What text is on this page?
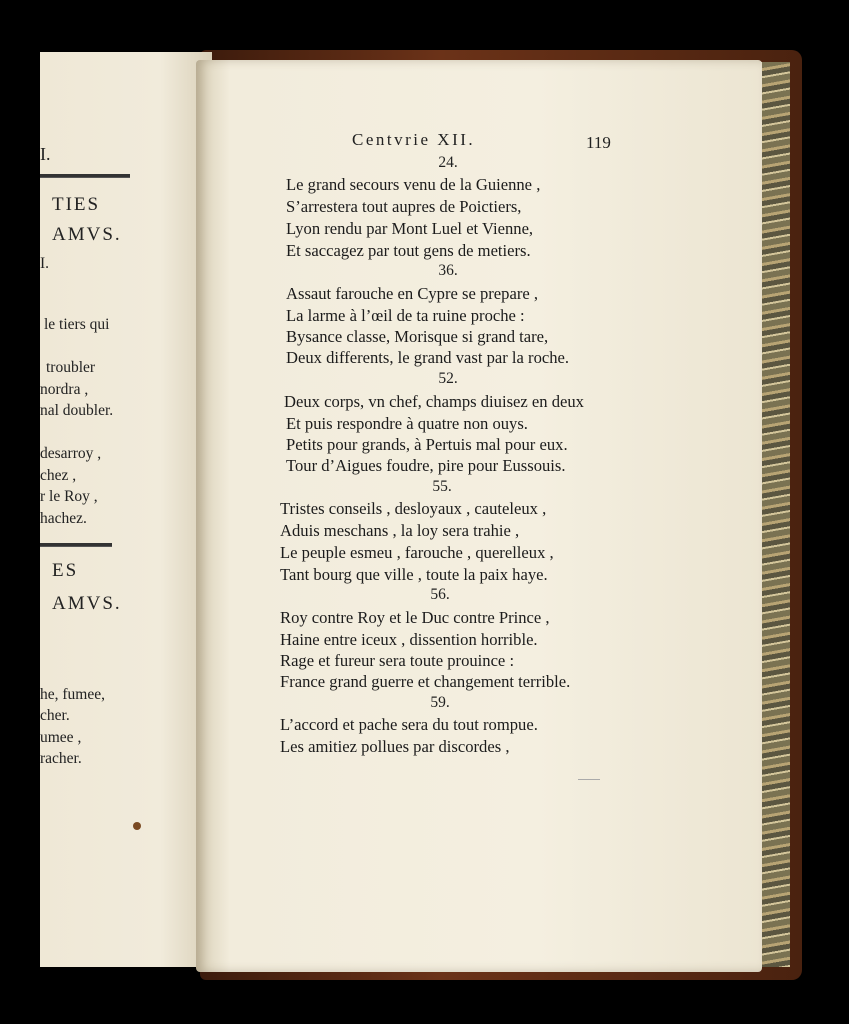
I.
TIES
AMVS.
I.
le tiers qui
troubler
nordra ,
nal doubler.
desarroy ,
chez ,
r le Roy ,
hachez.
ES
AMVS.
he, fumee,
cher.
umee ,
racher.
Centvrie XII.	119
24.
Le grand secours venu de la Guienne ,
S’arrestera tout aupres de Poictiers,
Lyon rendu par Mont Luel et Vienne,
Et saccagez par tout gens de metiers.
36.
Assaut farouche en Cypre se prepare ,
La larme à l’œil de ta ruine proche :
Bysance classe, Morisque si grand tare,
Deux differents, le grand vast par la roche.
52.
Deux corps, vn chef, champs diuisez en deux
Et puis respondre à quatre non ouys.
Petits pour grands, à Pertuis mal pour eux.
Tour d’Aigues foudre, pire pour Eussouis.
55.
Tristes conseils , desloyaux , cauteleux ,
Aduis meschans , la loy sera trahie ,
Le peuple esmeu , farouche , querelleux ,
Tant bourg que ville , toute la paix haye.
56.
Roy contre Roy et le Duc contre Prince ,
Haine entre iceux , dissention horrible.
Rage et fureur sera toute prouince :
France grand guerre et changement terrible.
59.
L’accord et pache sera du tout rompue.
Les amitiez pollues par discordes ,
